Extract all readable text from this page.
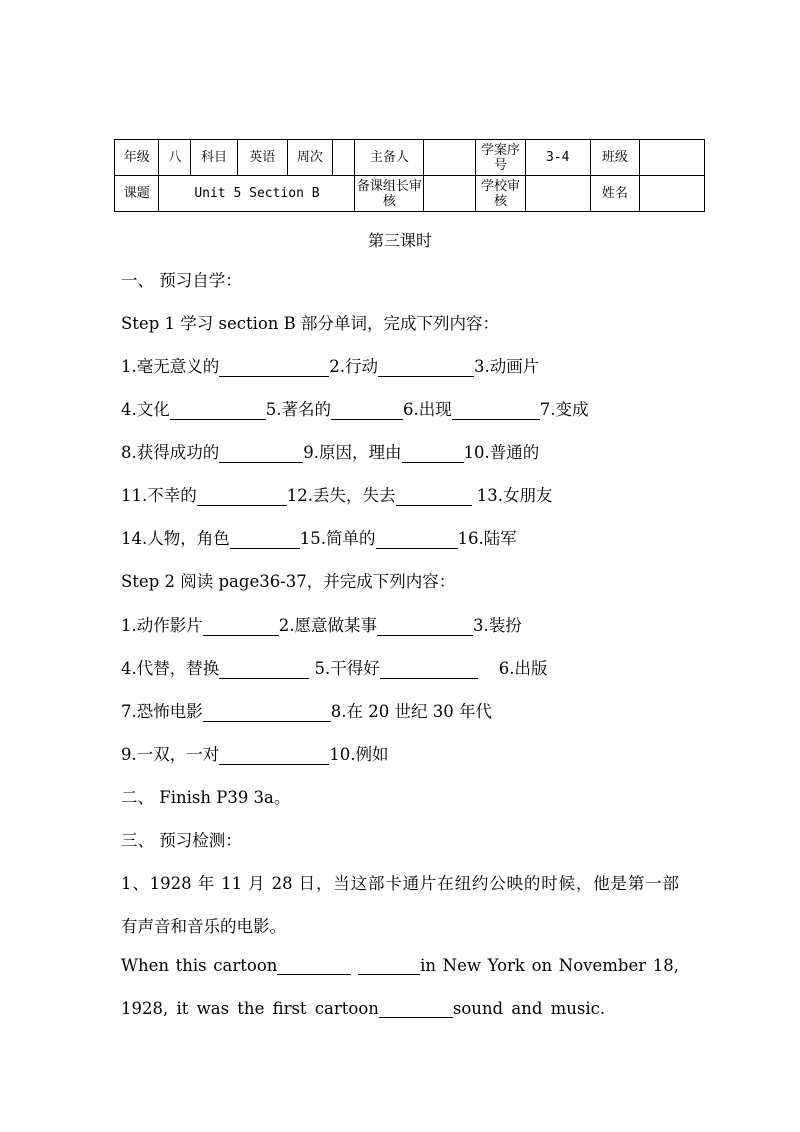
年级	八	科目	英语	周次		主备人		学案序号	3-4	班级	
课题	Unit 5 Section B					备课组长审核		学校审核		姓名	
第三课时
一、 预习自学：
Step 1 学习 section B 部分单词，完成下列内容：
1.毫无意义的	2.行动	3.动画片
4.文化	5.著名的	6.出现	7.变成
8.获得成功的	9.原因，理由	10.普通的
11.不幸的	12.丢失，失去	13.女朋友
14.人物，角色	15.简单的	16.陆军
Step 2 阅读 page36-37，并完成下列内容：
1.动作影片	2.愿意做某事	3.装扮
4.代替，替换	5.干得好	6.出版
7.恐怖电影	8.在 20 世纪 30 年代
9.一双，一对	10.例如
二、 Finish P39 3a。
三、 预习检测：
1、1928 年 11 月 28 日，当这部卡通片在纽约公映的时候，他是第一部
有声音和音乐的电影。
When this cartoon	in New York on November 18,
1928, it was the first cartoon	sound and music.
